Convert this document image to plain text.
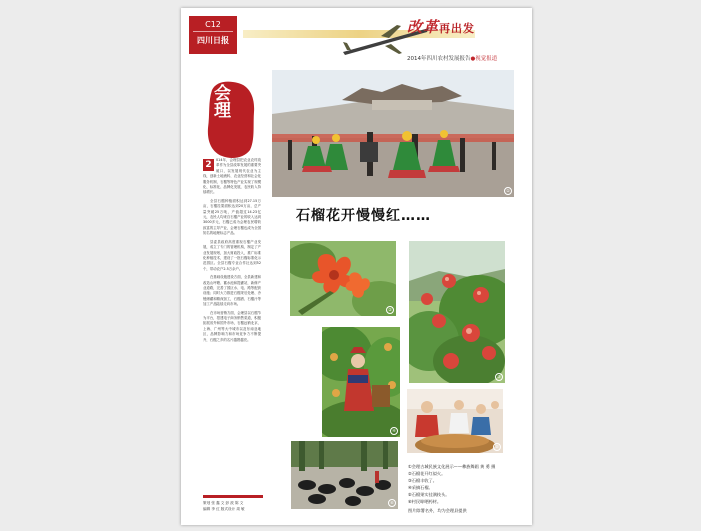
C12
四川日报
改革再出发
2014年四川农村发展报告●视觉报道
会理
①
石榴花开慢慢红……
2	014年，会理县把农业农村改革作为全县改革发展的重要突破口，以发展现代农业为主线，创新土地流转、农业经营和社会化服务机制，石榴等特色产业实现了规模化、标准化、品牌化发展，农民收入持续增长。

全县石榴种植面积达到27.15万亩，石榴挂果面积达到20万亩，总产量突破25万吨，产值超过14.23亿元，农民人均来自石榴产业的收入达到3000多元，石榴已成为会理农民增收致富的主导产业，会理石榴也成为全国知名的地理标志产品。

县委县政府高度重视石榴产业发展，成立了专门的管理机构，制定了产业发展规划，加大财政投入，推广标准化种植技术，建设了一批石榴标准化示范园区。全县石榴专业合作社达到52个，带动农户2.5万余户。

在基础设施建设方面，全县新建和改造山坪塘、蓄水池和提灌站，新修产业道路，完善了园区水、电、路等配套设施；同时大力推进石榴采后处理、冷链储藏和精深加工，石榴酒、石榴汁等加工产品陆续走向市场。

在市场营销方面，会理县以石榴节为平台，搭建电子商务销售渠道，积极拓展省外和国外市场，石榴远销北京、上海、广州等大中城市以及东南亚地区，品牌影响力和市场竞争力不断提升，石榴之乡的名片越擦越亮。

②
③
④
⑤
⑥
①会理古城民族文化展示——彝族舞蹈 黄 勇 摄
②石榴花开红似火。
③石榴丰收了。
④采摘石榴。
⑤石榴果实挂满枝头。
⑥村民晾晒药材。
图片除署名外，均为会理县提供
策划 张 鑫 文 彭 波 陈 文
编辑 李 红 版式设计 周 敏
